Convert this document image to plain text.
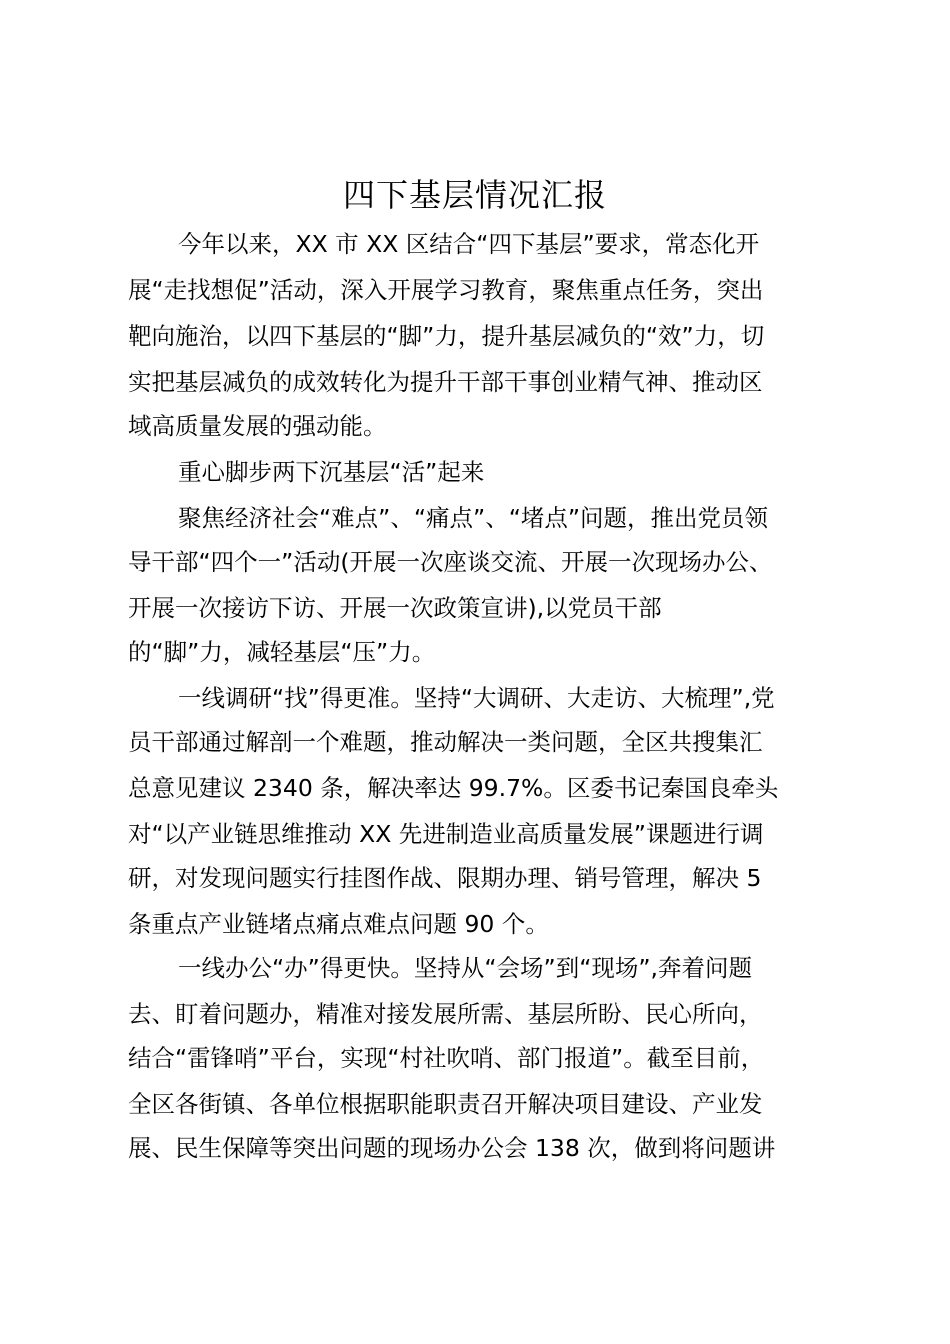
四下基层情况汇报
今年以来，XX 市 XX 区结合“四下基层”要求，常态化开
展“走找想促”活动，深入开展学习教育，聚焦重点任务，突出
靶向施治，以四下基层的“脚”力，提升基层减负的“效”力，切
实把基层减负的成效转化为提升干部干事创业精气神、推动区
域高质量发展的强动能。
重心脚步两下沉基层“活”起来
聚焦经济社会“难点”、“痛点”、“堵点”问题，推出党员领
导干部“四个一”活动(开展一次座谈交流、开展一次现场办公、
开展一次接访下访、开展一次政策宣讲),以党员干部
的“脚”力，减轻基层“压”力。
一线调研“找”得更准。坚持“大调研、大走访、大梳理”,党
员干部通过解剖一个难题，推动解决一类问题，全区共搜集汇
总意见建议 2340 条，解决率达 99.7%。区委书记秦国良牵头
对“以产业链思维推动 XX 先进制造业高质量发展”课题进行调
研，对发现问题实行挂图作战、限期办理、销号管理，解决 5
条重点产业链堵点痛点难点问题 90 个。
一线办公“办”得更快。坚持从“会场”到“现场”,奔着问题
去、盯着问题办，精准对接发展所需、基层所盼、民心所向，
结合“雷锋哨”平台，实现“村社吹哨、部门报道”。截至目前，
全区各街镇、各单位根据职能职责召开解决项目建设、产业发
展、民生保障等突出问题的现场办公会 138 次，做到将问题讲
